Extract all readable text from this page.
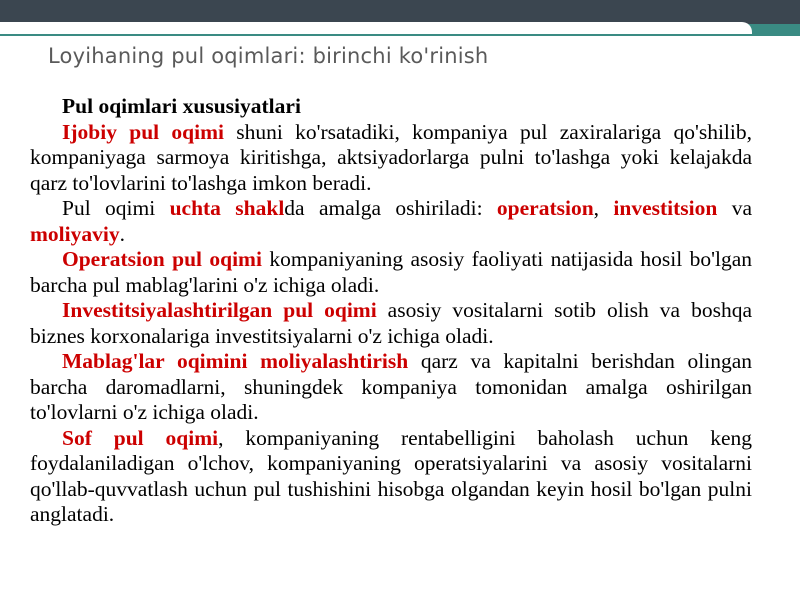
Loyihaning pul oqimlari: birinchi ko'rinish

Pul oqimlari xususiyatlari

Ijobiy pul oqimi shuni ko'rsatadiki, kompaniya pul zaxiralariga qo'shilib, kompaniyaga sarmoya kiritishga, aktsiyadorlarga pulni to'lashga yoki kelajakda qarz to'lovlarini to'lashga imkon beradi.

Pul oqimi uchta shaklda amalga oshiriladi: operatsion, investitsion va moliyaviy.

Operatsion pul oqimi kompaniyaning asosiy faoliyati natijasida hosil bo'lgan barcha pul mablag'larini o'z ichiga oladi.

Investitsiyalashtirilgan pul oqimi asosiy vositalarni sotib olish va boshqa biznes korxonalariga investitsiyalarni o'z ichiga oladi.

Mablag'lar oqimini moliyalashtirish qarz va kapitalni berishdan olingan barcha daromadlarni, shuningdek kompaniya tomonidan amalga oshirilgan to'lovlarni o'z ichiga oladi.

Sof pul oqimi, kompaniyaning rentabelligini baholash uchun keng foydalaniladigan o'lchov, kompaniyaning operatsiyalarini va asosiy vositalarni qo'llab-quvvatlash uchun pul tushishini hisobga olgandan keyin hosil bo'lgan pulni anglatadi.
